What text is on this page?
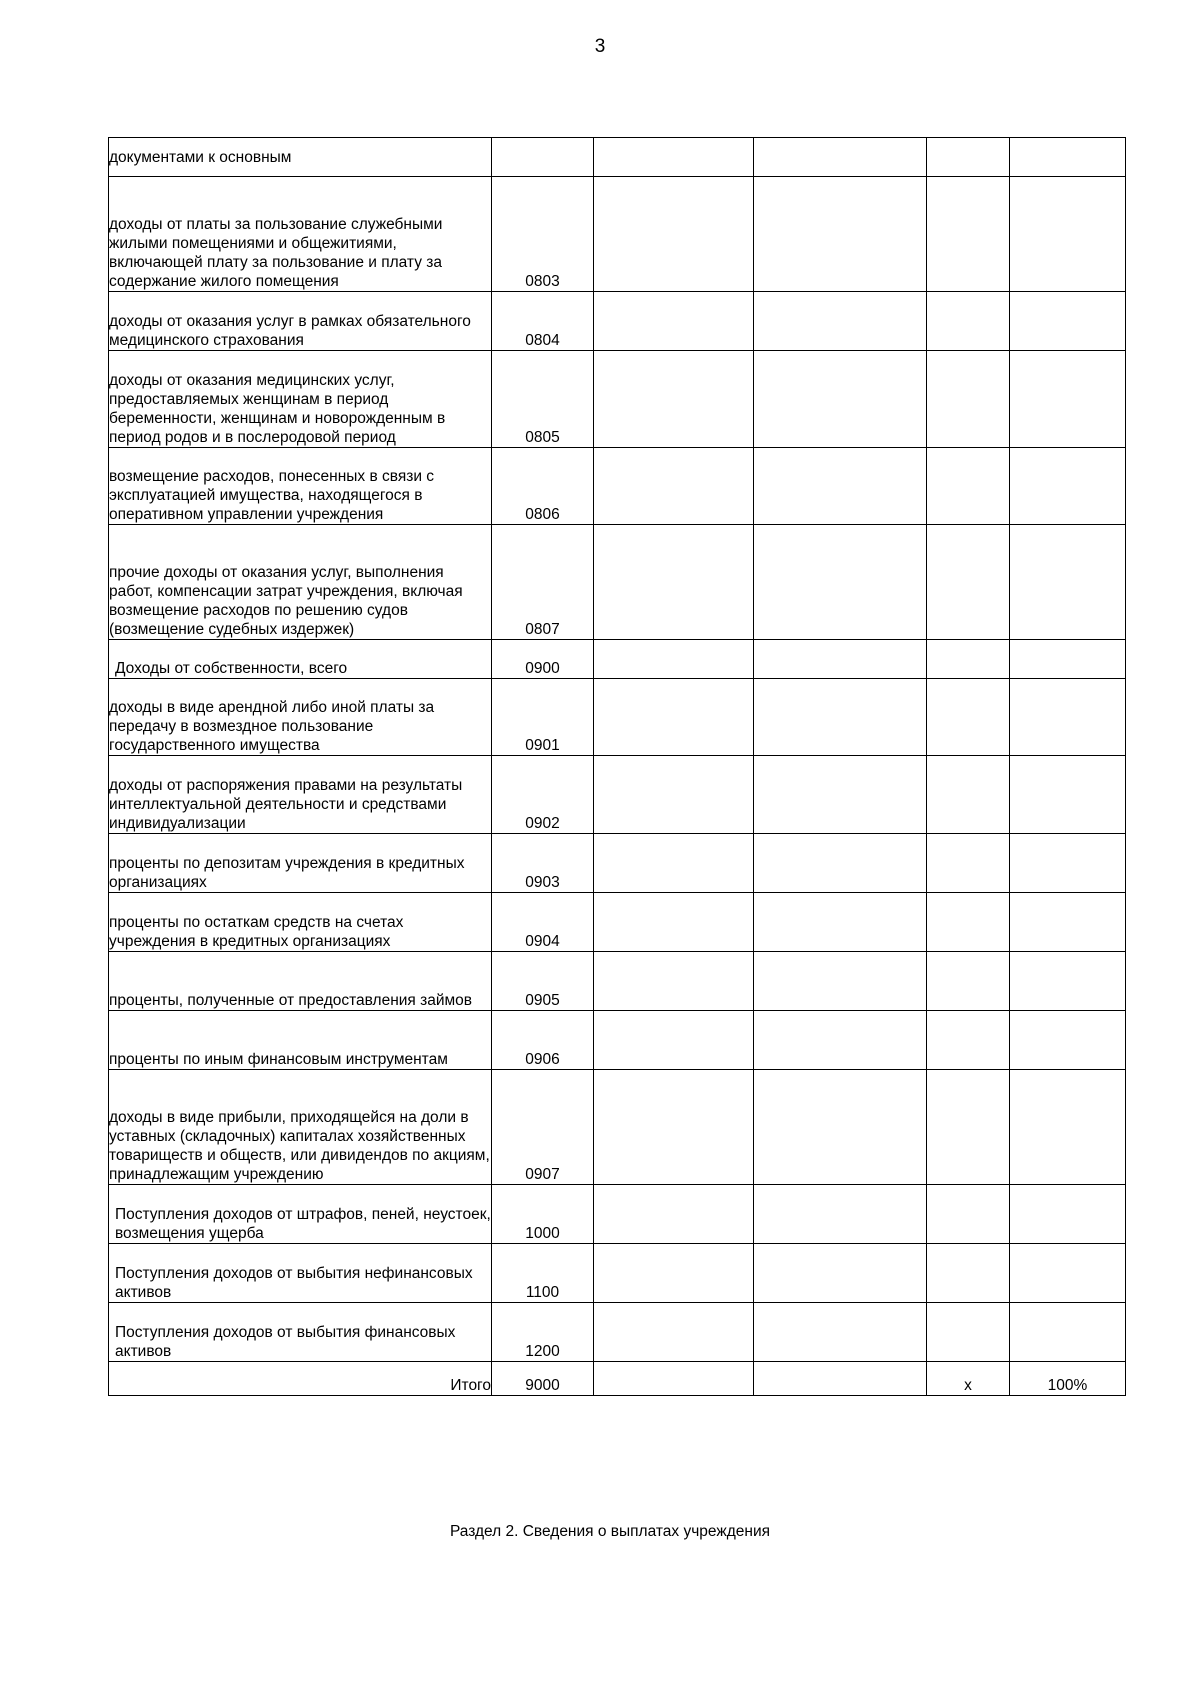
3
документами к основным					
доходы от платы за пользование служебными жилыми помещениями и общежитиями, включающей плату за пользование и плату за содержание жилого помещения	0803				
доходы от оказания услуг в рамках обязательного медицинского страхования	0804				
доходы от оказания медицинских услуг, предоставляемых женщинам в период беременности, женщинам и новорожденным в период родов и в послеродовой период	0805				
возмещение расходов, понесенных в связи с эксплуатацией имущества, находящегося в оперативном управлении учреждения	0806				
прочие доходы от оказания услуг, выполнения работ, компенсации затрат учреждения, включая возмещение расходов по решению судов (возмещение судебных издержек)	0807				
Доходы от собственности, всего	0900				
доходы в виде арендной либо иной платы за передачу в возмездное пользование государственного имущества	0901				
доходы от распоряжения правами на результаты интеллектуальной деятельности и средствами индивидуализации	0902				
проценты по депозитам учреждения в кредитных организациях	0903				
проценты по остаткам средств на счетах учреждения в кредитных организациях	0904				
проценты, полученные от предоставления займов	0905				
проценты по иным финансовым инструментам	0906				
доходы в виде прибыли, приходящейся на доли в уставных (складочных) капиталах хозяйственных товариществ и обществ, или дивидендов по акциям, принадлежащим учреждению	0907				
Поступления доходов от штрафов, пеней, неустоек, возмещения ущерба	1000				
Поступления доходов от выбытия нефинансовых активов	1100				
Поступления доходов от выбытия финансовых активов	1200				
Итого	9000			x	100%
Раздел 2. Сведения о выплатах учреждения
